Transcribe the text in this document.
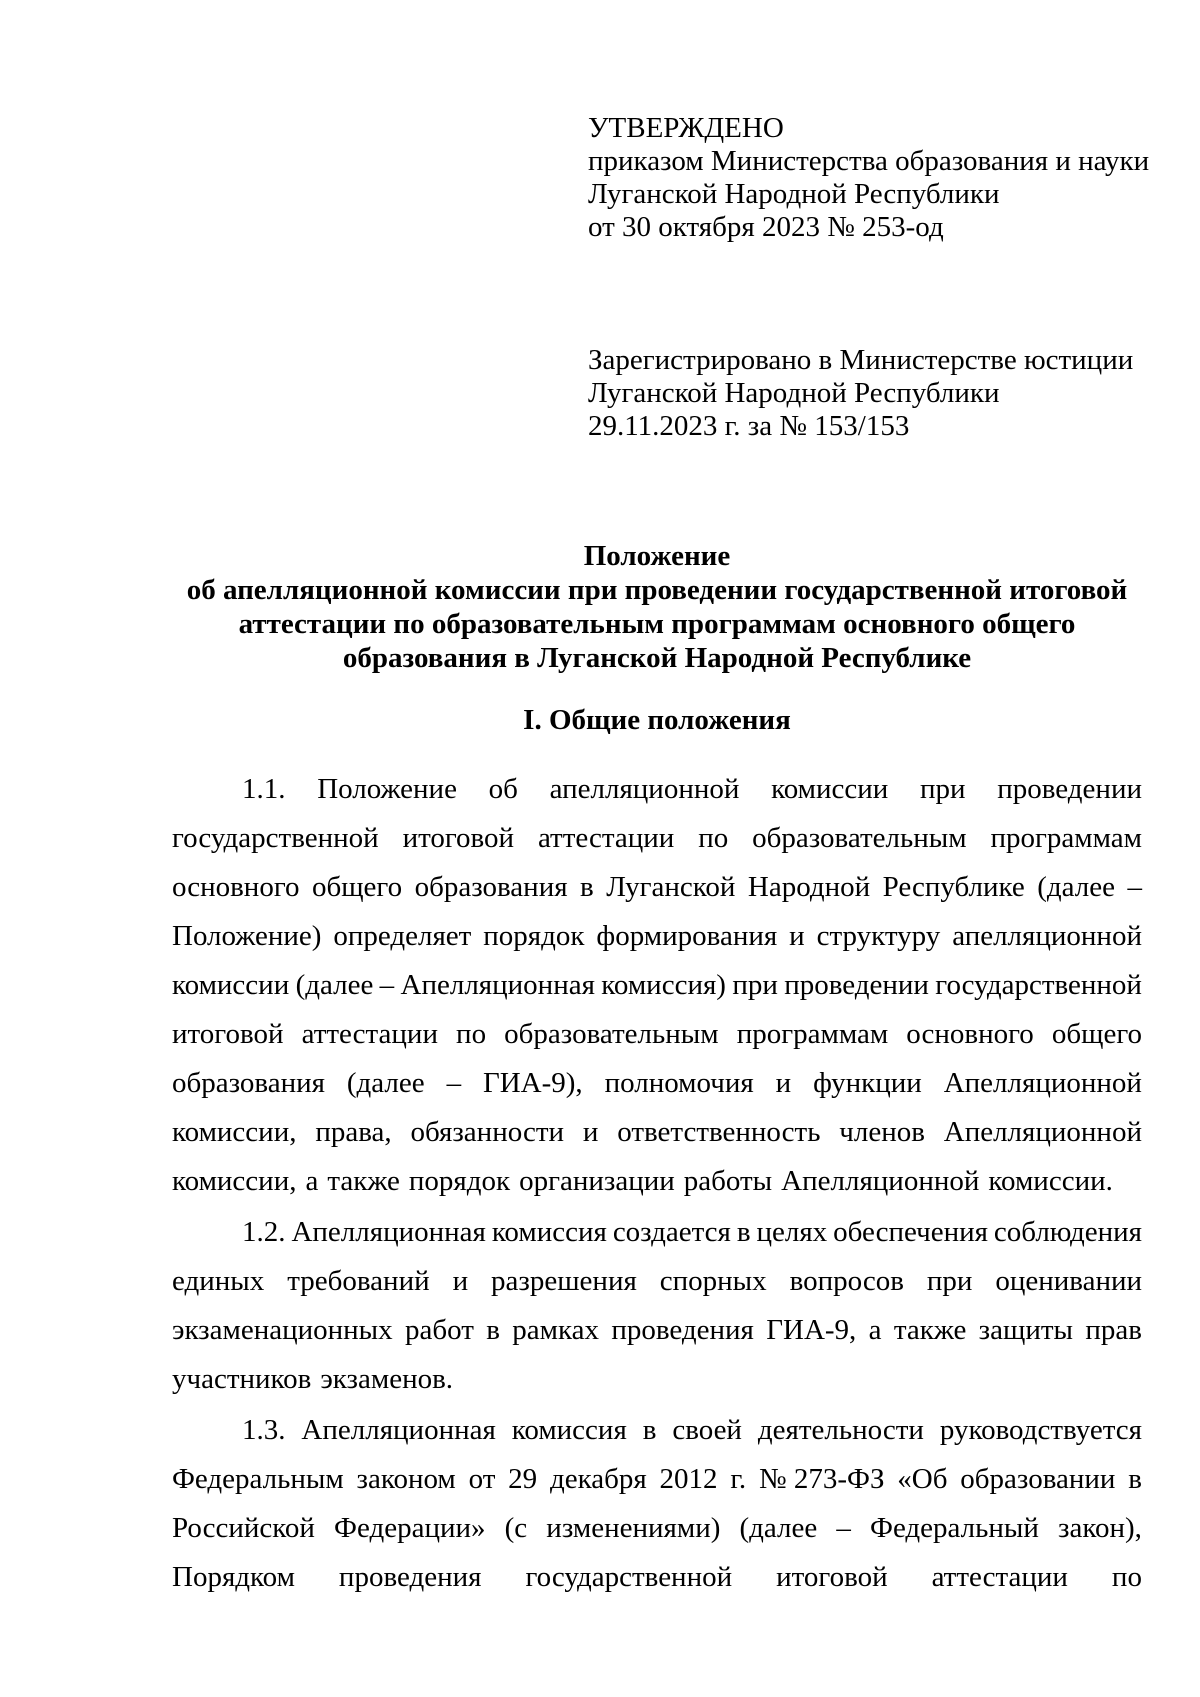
УТВЕРЖДЕНО
приказом Министерства образования и науки
Луганской Народной Республики
от 30 октября 2023 № 253-од
Зарегистрировано в Министерстве юстиции
Луганской Народной Республики
29.11.2023 г. за № 153/153
Положение
об апелляционной комиссии при проведении государственной итоговой
аттестации по образовательным программам основного общего
образования в Луганской Народной Республике
I. Общие положения
1.1. Положение об апелляционной комиссии при проведении
государственной итоговой аттестации по образовательным программам
основного общего образования в Луганской Народной Республике (далее –
Положение) определяет порядок формирования и структуру апелляционной
комиссии (далее – Апелляционная комиссия) при проведении государственной
итоговой аттестации по образовательным программам основного общего
образования (далее – ГИА-9), полномочия и функции Апелляционной
комиссии, права, обязанности и ответственность членов Апелляционной
комиссии, а также порядок организации работы Апелляционной комиссии.
1.2. Апелляционная комиссия создается в целях обеспечения соблюдения
единых требований и разрешения спорных вопросов при оценивании
экзаменационных работ в рамках проведения ГИА-9, а также защиты прав
участников экзаменов.
1.3. Апелляционная комиссия в своей деятельности руководствуется
Федеральным законом от 29 декабря 2012 г. № 273-ФЗ «Об образовании в
Российской Федерации» (с изменениями) (далее – Федеральный закон),
Порядком проведения государственной итоговой аттестации по
